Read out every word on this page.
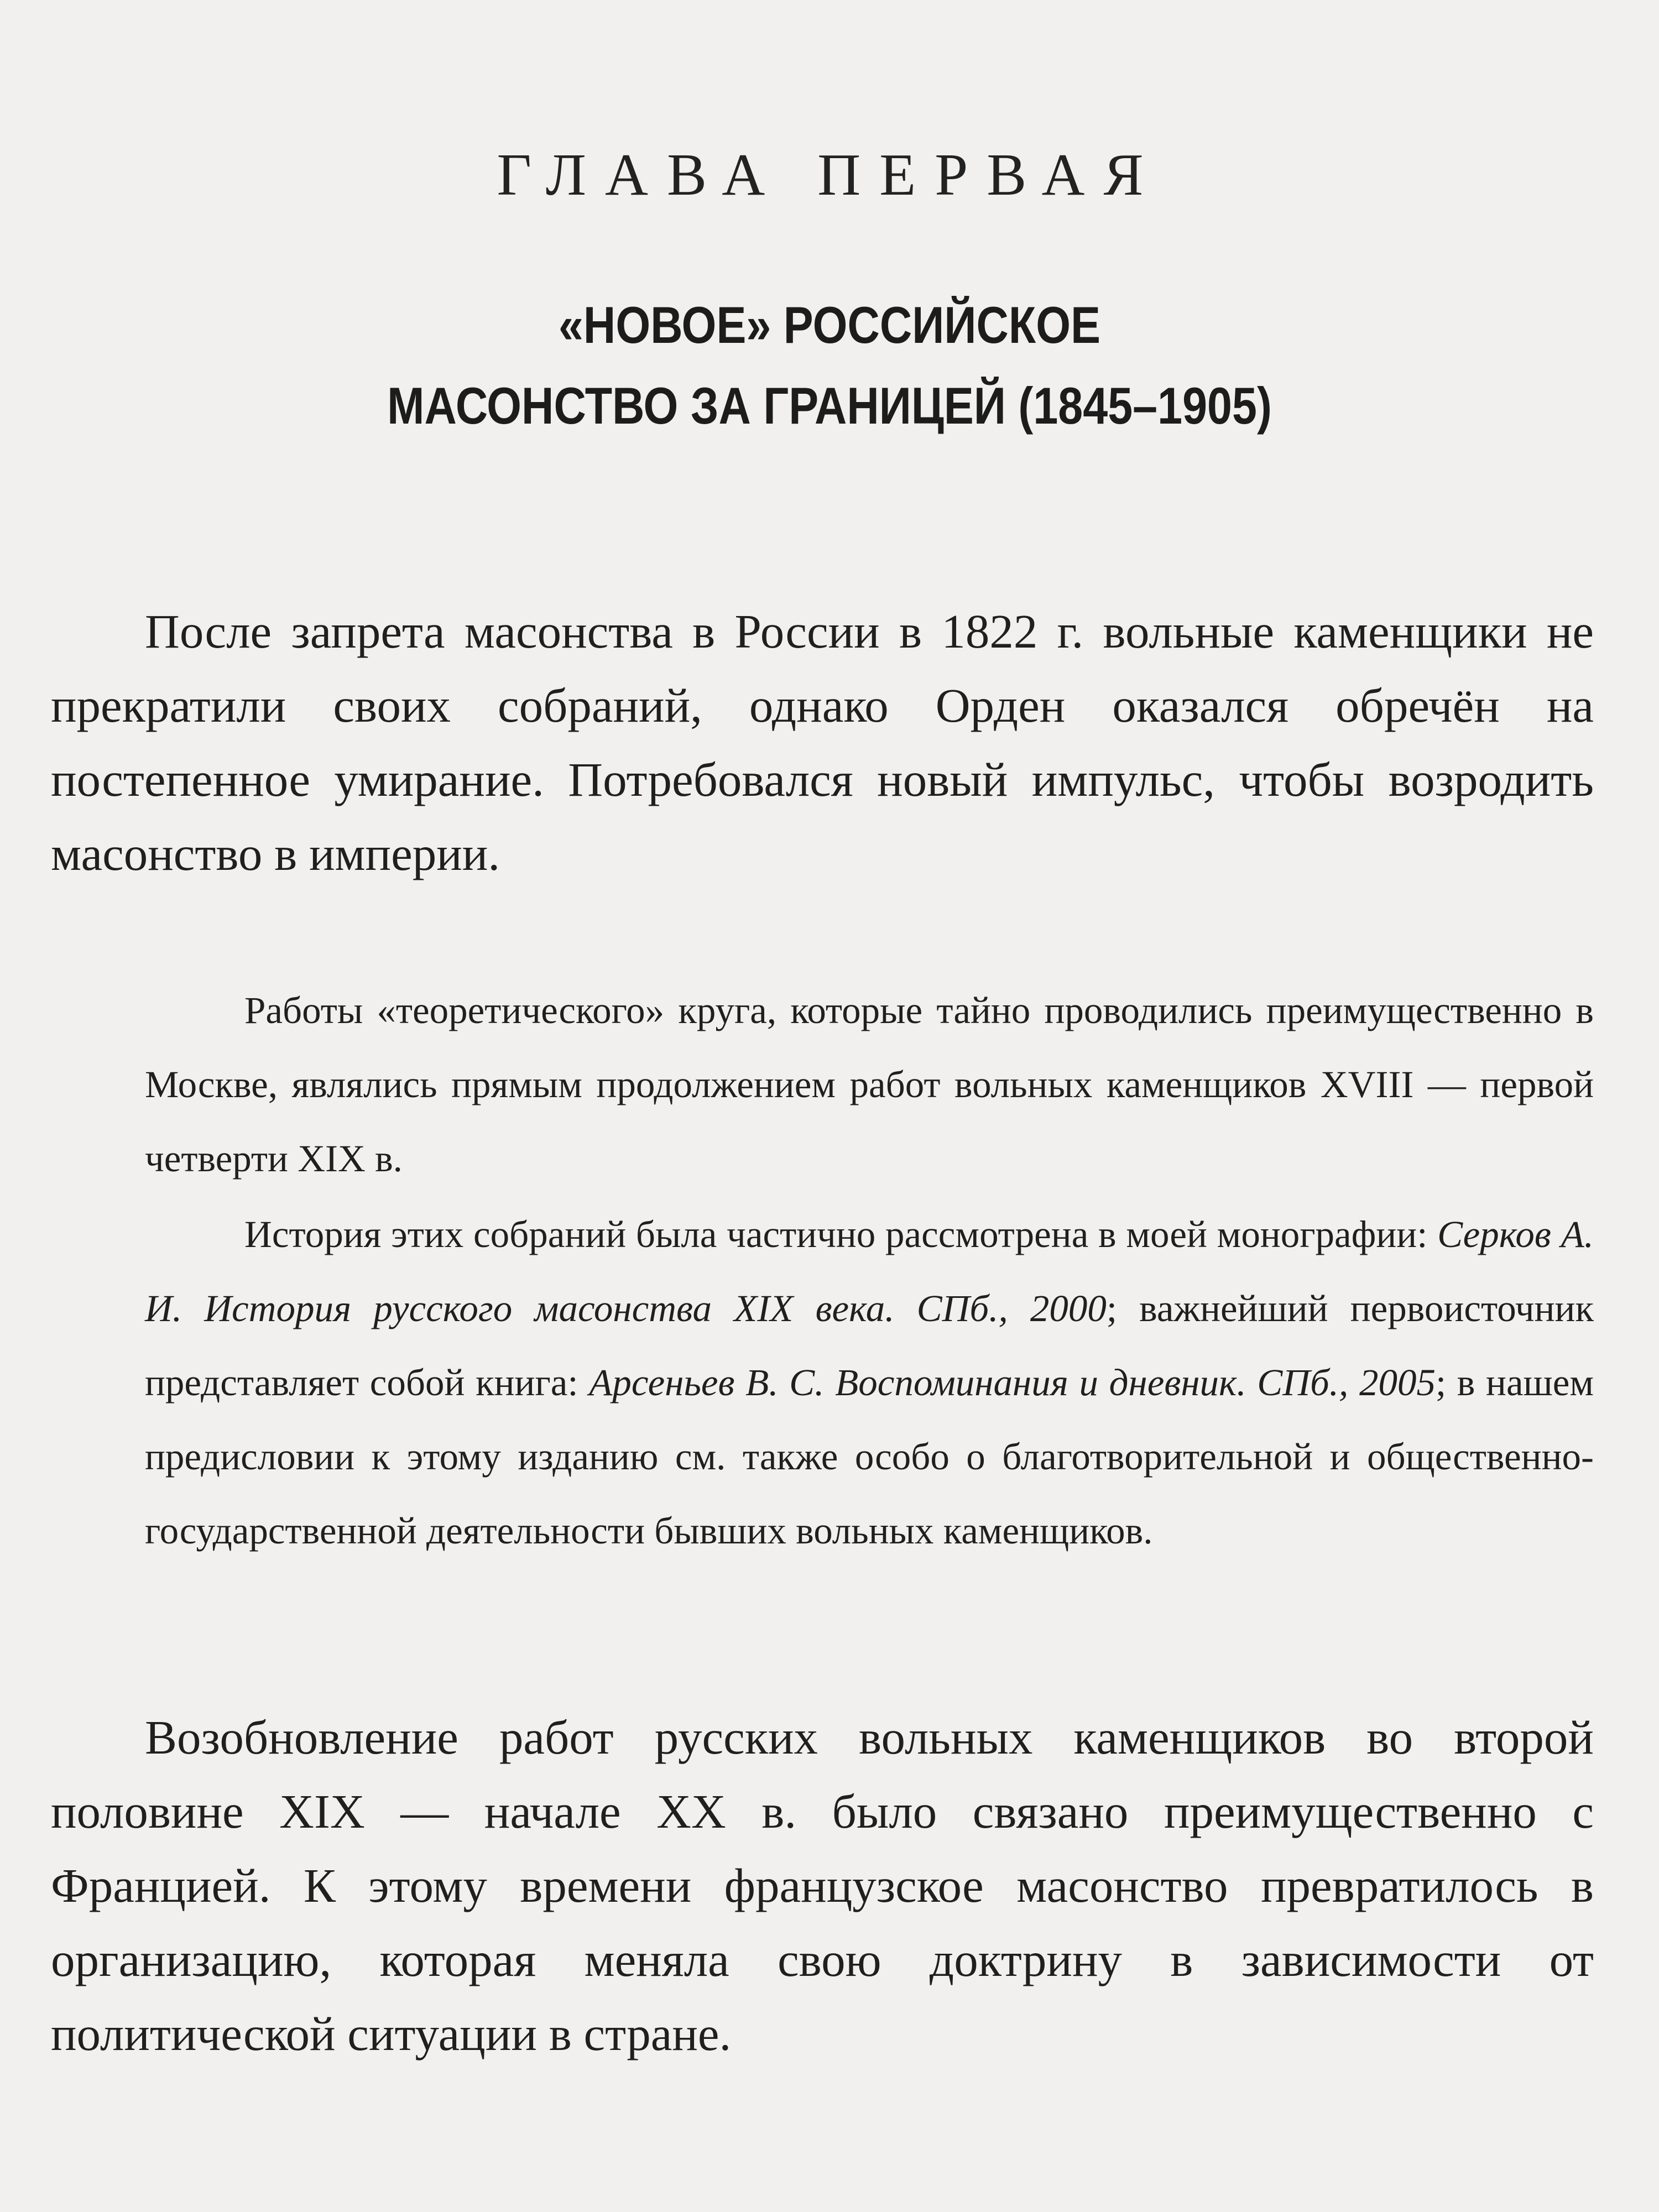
ГЛАВА ПЕРВАЯ
«НОВОЕ» РОССИЙСКОЕ
МАСОНСТВО ЗА ГРАНИЦЕЙ (1845–1905)

После запрета масонства в России в 1822 г. вольные каменщики не прекратили своих собраний, однако Орден оказался обречён на постепенное умирание. Потребовался новый импульс, чтобы возродить масонство в империи.

Работы «теоретического» круга, которые тайно проводились преимущественно в Москве, являлись прямым продолжением работ вольных каменщиков XVIII — первой четверти XIX в.

История этих собраний была частично рассмотрена в моей монографии: Серков А. И. История русского масонства XIX века. СПб., 2000; важнейший первоисточник представляет собой книга: Арсеньев В. С. Воспоминания и дневник. СПб., 2005; в нашем предисловии к этому изданию см. также особо о благотворительной и общественно-государственной деятельности бывших вольных каменщиков.

Возобновление работ русских вольных каменщиков во второй половине XIX — начале XX в. было связано преимущественно с Францией. К этому времени французское масонство превратилось в организацию, которая меняла свою доктрину в зависимости от политической ситуации в стране.
